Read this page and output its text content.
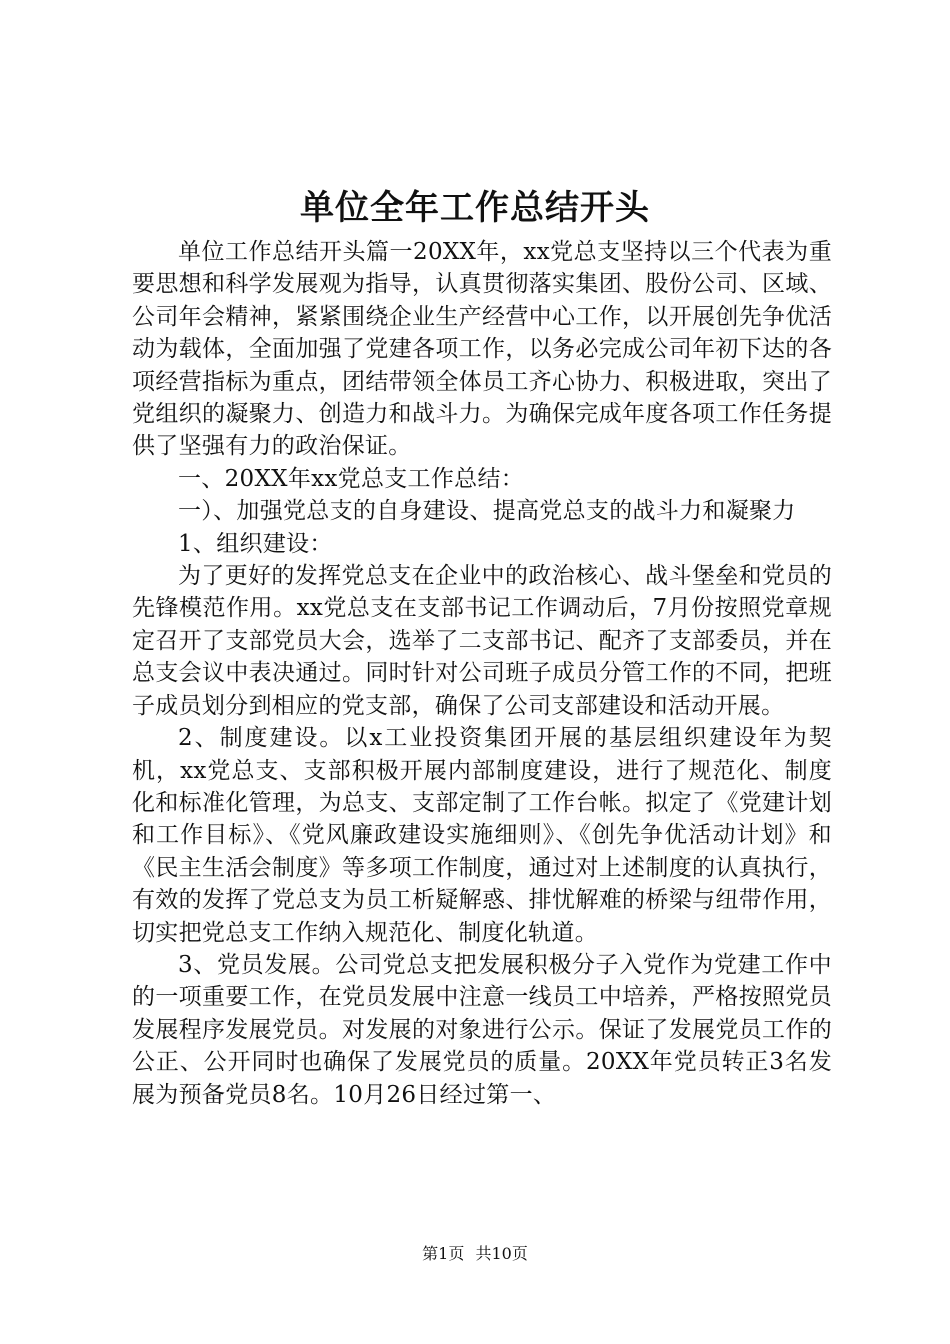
单位全年工作总结开头

单位工作总结开头篇一20XX年，xx党总支坚持以三个代表为重要思想和科学发展观为指导，认真贯彻落实集团、股份公司、区域、公司年会精神，紧紧围绕企业生产经营中心工作，以开展创先争优活动为载体，全面加强了党建各项工作，以务必完成公司年初下达的各项经营指标为重点，团结带领全体员工齐心协力、积极进取，突出了党组织的凝聚力、创造力和战斗力。为确保完成年度各项工作任务提供了坚强有力的政治保证。

一、20XX年xx党总支工作总结：

一）、加强党总支的自身建设、提高党总支的战斗力和凝聚力

1、组织建设：

为了更好的发挥党总支在企业中的政治核心、战斗堡垒和党员的先锋模范作用。xx党总支在支部书记工作调动后，7月份按照党章规定召开了支部党员大会，选举了二支部书记、配齐了支部委员，并在总支会议中表决通过。同时针对公司班子成员分管工作的不同，把班子成员划分到相应的党支部，确保了公司支部建设和活动开展。

2、制度建设。以x工业投资集团开展的基层组织建设年为契机，xx党总支、支部积极开展内部制度建设，进行了规范化、制度化和标准化管理，为总支、支部定制了工作台帐。拟定了《党建计划和工作目标》、《党风廉政建设实施细则》、《创先争优活动计划》和《民主生活会制度》等多项工作制度，通过对上述制度的认真执行，有效的发挥了党总支为员工析疑解惑、排忧解难的桥梁与纽带作用，切实把党总支工作纳入规范化、制度化轨道。

3、党员发展。公司党总支把发展积极分子入党作为党建工作中的一项重要工作，在党员发展中注意一线员工中培养，严格按照党员发展程序发展党员。对发展的对象进行公示。保证了发展党员工作的公正、公开同时也确保了发展党员的质量。20XX年党员转正3名发展为预备党员8名。10月26日经过第一、

第1页 共10页
